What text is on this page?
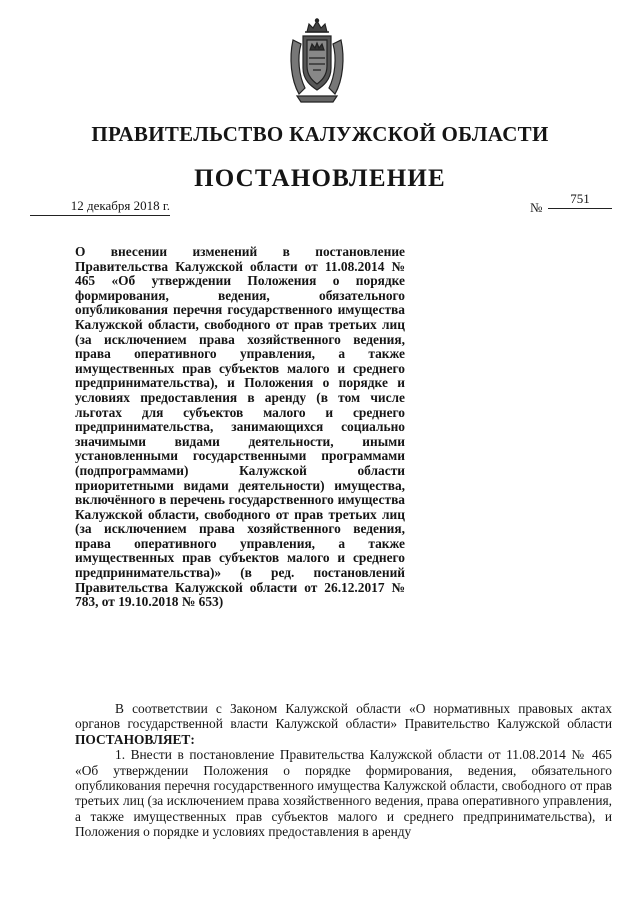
ПРАВИТЕЛЬСТВО КАЛУЖСКОЙ ОБЛАСТИ
ПОСТАНОВЛЕНИЕ
12 декабря 2018 г.	№
751
О внесении изменений в постановление Правительства Калужской области от 11.08.2014 № 465 «Об утверждении Положения о порядке формирования, ведения, обязательного опубликования перечня государственного имущества Калужской области, свободного от прав третьих лиц (за исключением права хозяйственного ведения, права оперативного управления, а также имущественных прав субъектов малого и среднего предпринимательства), и Положения о порядке и условиях предоставления в аренду (в том числе льготах для субъектов малого и среднего предпринимательства, занимающихся социально значимыми видами деятельности, иными установленными государственными программами (подпрограммами) Калужской области приоритетными видами деятельности) имущества, включённого в перечень государственного имущества Калужской области, свободного от прав третьих лиц (за исключением права хозяйственного ведения, права оперативного управления, а также имущественных прав субъектов малого и среднего предпринимательства)» (в ред. постановлений Правительства Калужской области от 26.12.2017 № 783, от 19.10.2018 № 653)

В соответствии с Законом Калужской области «О нормативных правовых актах органов государственной власти Калужской области» Правительство Калужской области ПОСТАНОВЛЯЕТ:

1. Внести в постановление Правительства Калужской области от 11.08.2014 № 465 «Об утверждении Положения о порядке формирования, ведения, обязательного опубликования перечня государственного имущества Калужской области, свободного от прав третьих лиц (за исключением права хозяйственного ведения, права оперативного управления, а также имущественных прав субъектов малого и среднего предпринимательства), и Положения о порядке и условиях предоставления в аренду
